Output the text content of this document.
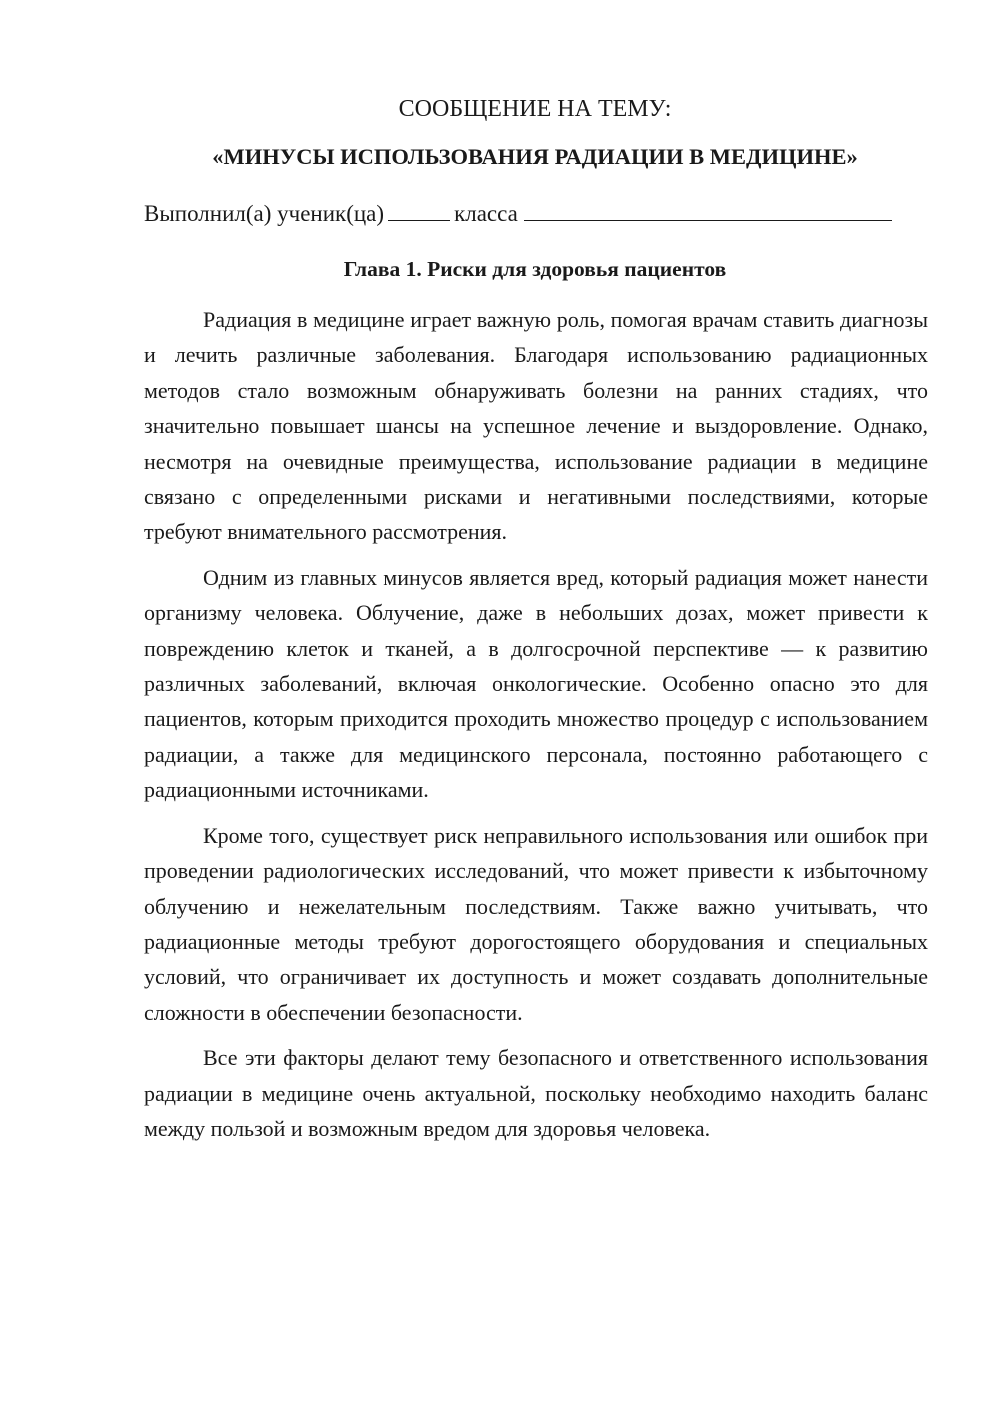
СООБЩЕНИЕ НА ТЕМУ:

«МИНУСЫ ИСПОЛЬЗОВАНИЯ РАДИАЦИИ В МЕДИЦИНЕ»

Выполнил(а) ученик(ца)	класса

Глава 1. Риски для здоровья пациентов

Радиация в медицине играет важную роль, помогая врачам ставить диагнозы и лечить различные заболевания. Благодаря использованию радиационных методов стало возможным обнаруживать болезни на ранних стадиях, что значительно повышает шансы на успешное лечение и выздоровление. Однако, несмотря на очевидные преимущества, использование радиации в медицине связано с определенными рисками и негативными последствиями, которые требуют внимательного рассмотрения.

Одним из главных минусов является вред, который радиация может нанести организму человека. Облучение, даже в небольших дозах, может привести к повреждению клеток и тканей, а в долгосрочной перспективе — к развитию различных заболеваний, включая онкологические. Особенно опасно это для пациентов, которым приходится проходить множество процедур с использованием радиации, а также для медицинского персонала, постоянно работающего с радиационными источниками.

Кроме того, существует риск неправильного использования или ошибок при проведении радиологических исследований, что может привести к избыточному облучению и нежелательным последствиям. Также важно учитывать, что радиационные методы требуют дорогостоящего оборудования и специальных условий, что ограничивает их доступность и может создавать дополнительные сложности в обеспечении безопасности.

Все эти факторы делают тему безопасного и ответственного использования радиации в медицине очень актуальной, поскольку необходимо находить баланс между пользой и возможным вредом для здоровья человека.
